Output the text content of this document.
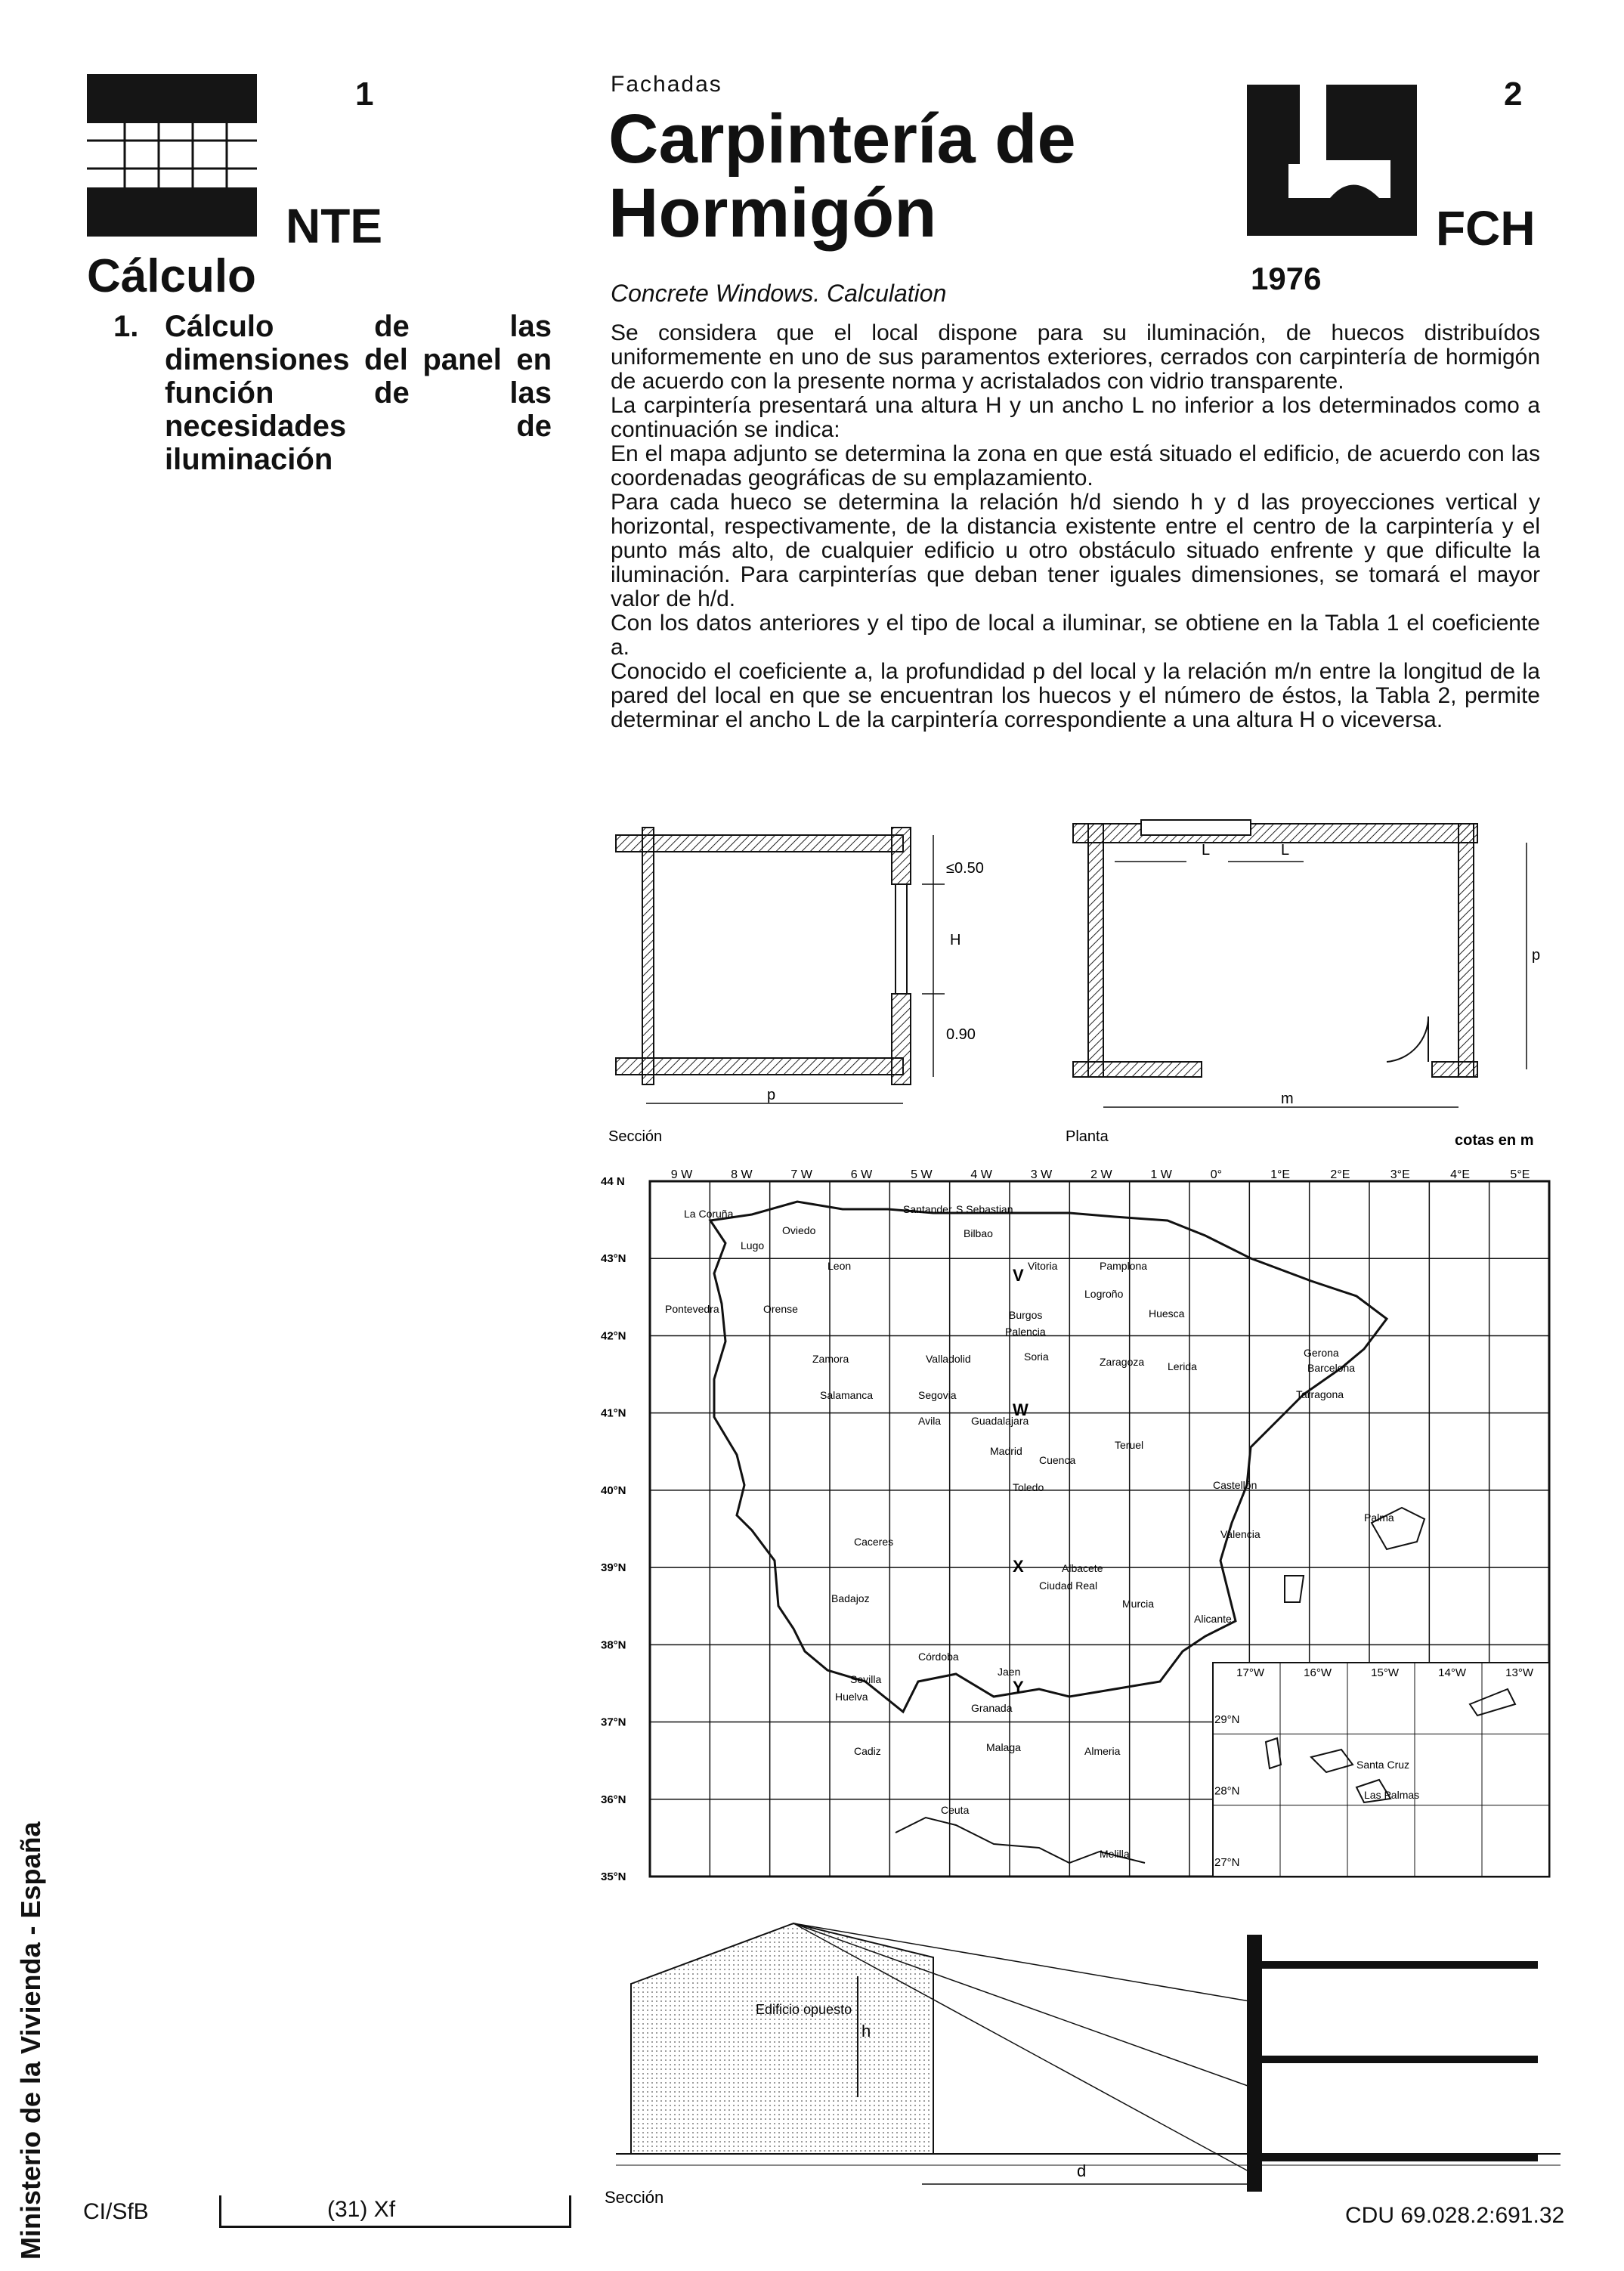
1
NTE
Cálculo
1. Cálculo de las dimensiones del panel en función de las necesidades de iluminación
Fachadas
Carpintería de
Hormigón
Concrete Windows. Calculation	1976
2
FCH

Se considera que el local dispone para su iluminación, de huecos distribuídos uniformemente en uno de sus paramentos exteriores, cerrados con carpintería de hormigón de acuerdo con la presente norma y acristalados con vidrio transparente.

La carpintería presentará una altura H y un ancho L no inferior a los determinados como a continuación se indica:

En el mapa adjunto se determina la zona en que está situado el edificio, de acuerdo con las coordenadas geográficas de su emplazamiento.

Para cada hueco se determina la relación h/d siendo h y d las proyecciones vertical y horizontal, respectivamente, de la distancia existente entre el centro de la carpintería y el punto más alto, de cualquier edificio u otro obstáculo situado enfrente y que dificulte la iluminación. Para carpinterías que deban tener iguales dimensiones, se tomará el mayor valor de h/d.

Con los datos anteriores y el tipo de local a iluminar, se obtiene en la Tabla 1 el coeficiente a.

Conocido el coeficiente a, la profundidad p del local y la relación m/n entre la longitud de la pared del local en que se encuentran los huecos y el número de éstos, la Tabla 2, permite determinar el ancho L de la carpintería correspondiente a una altura H o viceversa.

≤0.50
H
0.90
p
Sección
L	L
p
m
Planta	cotas en m
9 W	8 W	7 W	6 W	5 W	4 W	3 W	2 W	1 W	0°	1°E	2°E	3°E	4°E	5°E
44 N
43°N
42°N
41°N
40°N
39°N
38°N
37°N
36°N
35°N
17°W	16°W	15°W	14°W	13°W
29°N
28°N
27°N
V
W
X
Y
La Coruña
Lugo
Oviedo
Santander S Sebastian
Bilbao
Leon	Vitoria	Pamplona
Pontevedra	Orense	Burgos
Logroño
Huesca
Palencia
Zamora	Valladolid	Soria	Zaragoza Lerida
Gerona
Barcelona
Salamanca	Segovia	Tarragona
Avila	Guadalajara
Madrid	Teruel
Cuenca
Toledo	Castellón
Caceres
Valencia
Palma
Albacete
Ciudad Real
Badajoz
Alicante
Murcia
Córdoba
Jaen
Sevilla
Huelva
Granada
Cadiz	Malaga	Almeria
Ceuta
Melilla
Santa Cruz
Las Palmas
Edificio opuesto
h
d
Sección
Ministerio de la Vivienda - España CI/SfB	(31) Xf	CDU 69.028.2:691.32
